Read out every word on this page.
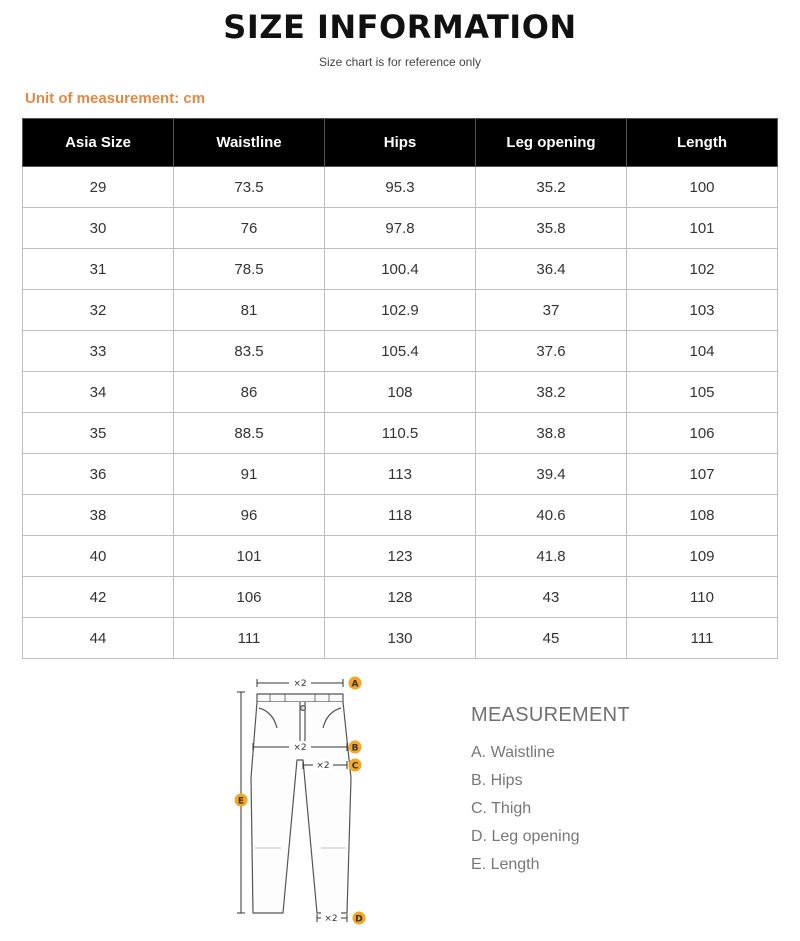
SIZE INFORMATION
Size chart is for reference only
Unit of measurement: cm
Asia Size	Waistline	Hips	Leg opening	Length
29	73.5	95.3	35.2	100
30	76	97.8	35.8	101
31	78.5	100.4	36.4	102
32	81	102.9	37	103
33	83.5	105.4	37.6	104
34	86	108	38.2	105
35	88.5	110.5	38.8	106
36	91	113	39.4	107
38	96	118	40.6	108
40	101	123	41.8	109
42	106	128	43	110
44	111	130	45	111
×2
×2
×2
×2
A
B
C
D
E
MEASUREMENT
A. Waistline
B. Hips
C. Thigh
D. Leg opening
E. Length
